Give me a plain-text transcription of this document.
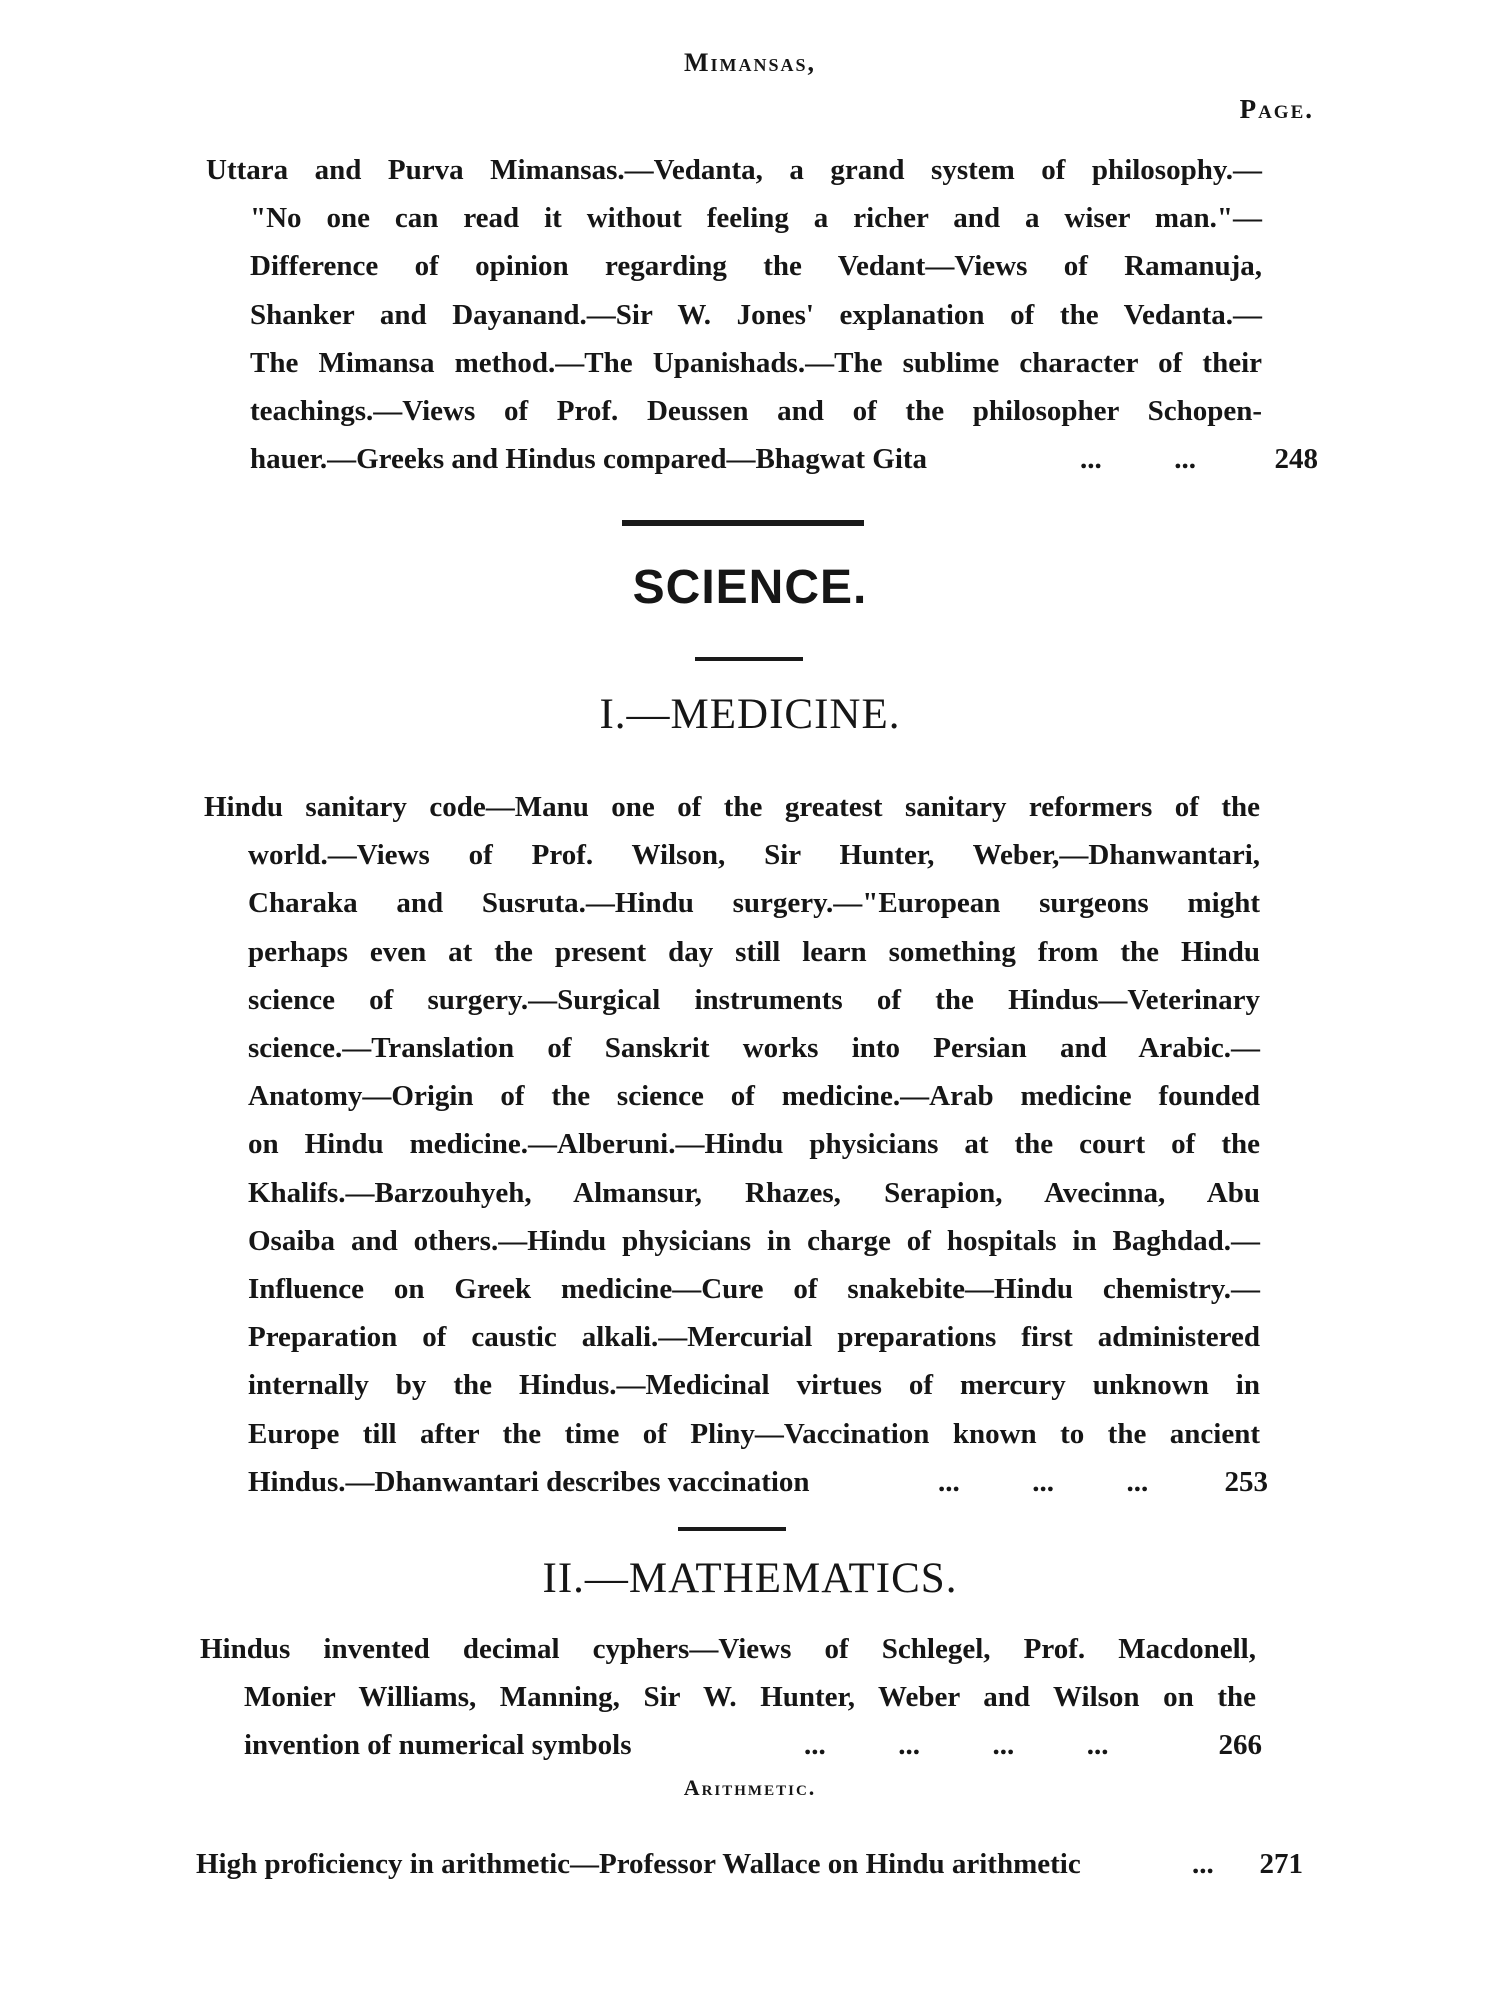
Mimansas,
Page.
Uttara and Purva Mimansas.—Vedanta, a grand system of philosophy.—
"No one can read it without feeling a richer and a wiser man."—
Difference of opinion regarding the Vedant—Views of Ramanuja,
Shanker and Dayanand.—Sir W. Jones' explanation of the Vedanta.—
The Mimansa method.—The Upanishads.—The sublime character of their
teachings.—Views of Prof. Deussen and of the philosopher Schopen-
hauer.—Greeks and Hindus compared—Bhagwat Gita	...          ...	248
SCIENCE.
I.—MEDICINE.
Hindu sanitary code—Manu one of the greatest sanitary reformers of the
world.—Views of Prof. Wilson, Sir Hunter, Weber,—Dhanwantari,
Charaka and Susruta.—Hindu surgery.—"European surgeons might
perhaps even at the present day still learn something from the Hindu
science of surgery.—Surgical instruments of the Hindus—Veterinary
science.—Translation of Sanskrit works into Persian and Arabic.—
Anatomy—Origin of the science of medicine.—Arab medicine founded
on Hindu medicine.—Alberuni.—Hindu physicians at the court of the
Khalifs.—Barzouhyeh, Almansur, Rhazes, Serapion, Avecinna, Abu
Osaiba and others.—Hindu physicians in charge of hospitals in Baghdad.—
Influence on Greek medicine—Cure of snakebite—Hindu chemistry.—
Preparation of caustic alkali.—Mercurial preparations first administered
internally by the Hindus.—Medicinal virtues of mercury unknown in
Europe till after the time of Pliny—Vaccination known to the ancient
Hindus.—Dhanwantari describes vaccination	...          ...          ...	253
II.—MATHEMATICS.
Hindus invented decimal cyphers—Views of Schlegel, Prof. Macdonell,
Monier Williams, Manning, Sir W. Hunter, Weber and Wilson on the
invention of numerical symbols	...          ...          ...          ...	266
Arithmetic.
High proficiency in arithmetic—Professor Wallace on Hindu arithmetic	... 271
